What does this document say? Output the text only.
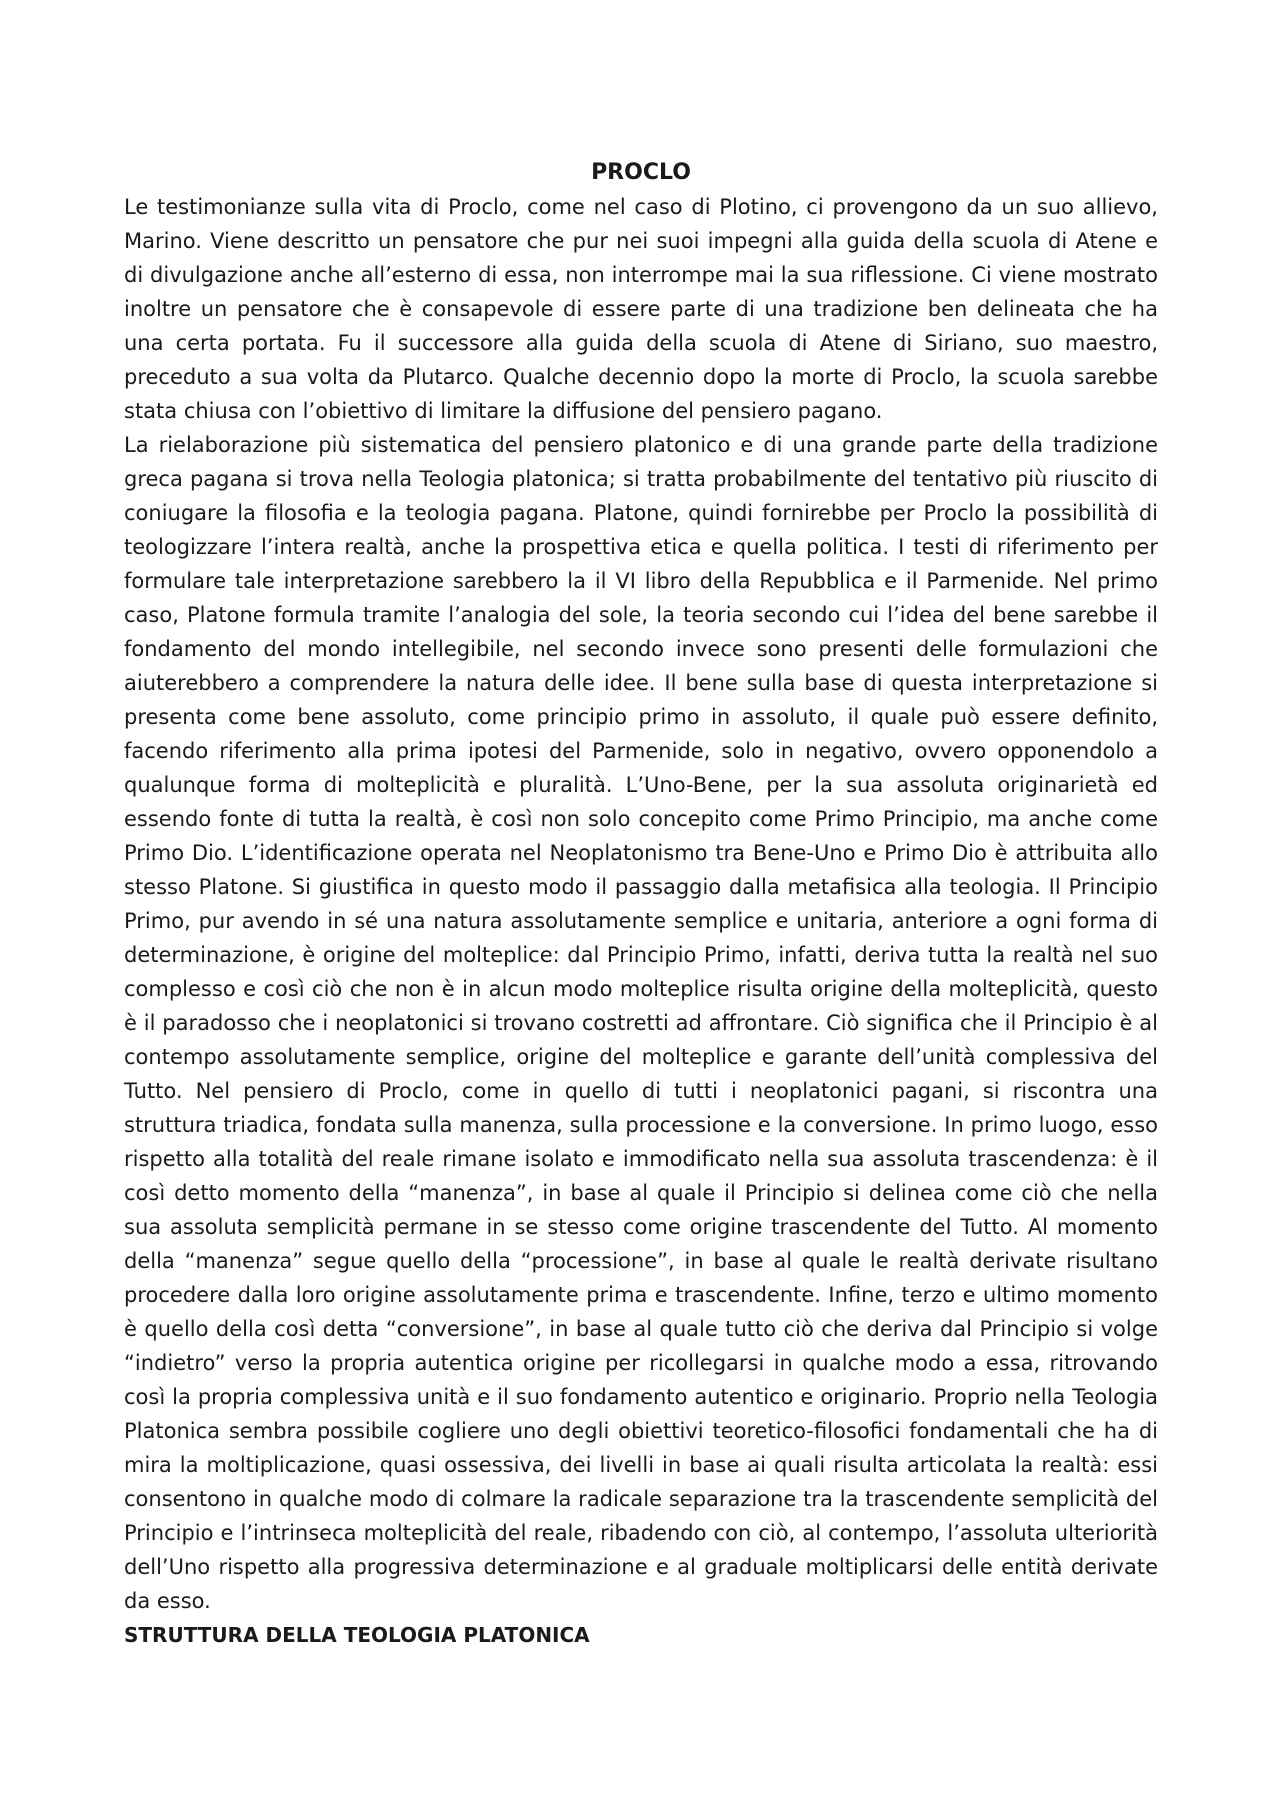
PROCLO

Le testimonianze sulla vita di Proclo, come nel caso di Plotino, ci provengono da un suo allievo, Marino. Viene descritto un pensatore che pur nei suoi impegni alla guida della scuola di Atene e di divulgazione anche all’esterno di essa, non interrompe mai la sua riflessione. Ci viene mostrato inoltre un pensatore che è consapevole di essere parte di una tradizione ben delineata che ha una certa portata. Fu il successore alla guida della scuola di Atene di Siriano, suo maestro, preceduto a sua volta da Plutarco. Qualche decennio dopo la morte di Proclo, la scuola sarebbe stata chiusa con l’obiettivo di limitare la diffusione del pensiero pagano.

La rielaborazione più sistematica del pensiero platonico e di una grande parte della tradizione greca pagana si trova nella Teologia platonica; si tratta probabilmente del tentativo più riuscito di coniugare la filosofia e la teologia pagana. Platone, quindi fornirebbe per Proclo la possibilità di teologizzare l’intera realtà, anche la prospettiva etica e quella politica. I testi di riferimento per formulare tale interpretazione sarebbero la il VI libro della Repubblica e il Parmenide. Nel primo caso, Platone formula tramite l’analogia del sole, la teoria secondo cui l’idea del bene sarebbe il fondamento del mondo intellegibile, nel secondo invece sono presenti delle formulazioni che aiuterebbero a comprendere la natura delle idee. Il bene sulla base di questa interpretazione si presenta come bene assoluto, come principio primo in assoluto, il quale può essere definito, facendo riferimento alla prima ipotesi del Parmenide, solo in negativo, ovvero opponendolo a qualunque forma di molteplicità e pluralità. L’Uno-Bene, per la sua assoluta originarietà ed essendo fonte di tutta la realtà, è così non solo concepito come Primo Principio, ma anche come Primo Dio. L’identificazione operata nel Neoplatonismo tra Bene-Uno e Primo Dio è attribuita allo stesso Platone. Si giustifica in questo modo il passaggio dalla metafisica alla teologia. Il Principio Primo, pur avendo in sé una natura assolutamente semplice e unitaria, anteriore a ogni forma di determinazione, è origine del molteplice: dal Principio Primo, infatti, deriva tutta la realtà nel suo complesso e così ciò che non è in alcun modo molteplice risulta origine della molteplicità, questo è il paradosso che i neoplatonici si trovano costretti ad affrontare. Ciò significa che il Principio è al contempo assolutamente semplice, origine del molteplice e garante dell’unità complessiva del Tutto. Nel pensiero di Proclo, come in quello di tutti i neoplatonici pagani, si riscontra una struttura triadica, fondata sulla manenza, sulla processione e la conversione. In primo luogo, esso rispetto alla totalità del reale rimane isolato e immodificato nella sua assoluta trascendenza: è il così detto momento della “manenza”, in base al quale il Principio si delinea come ciò che nella sua assoluta semplicità permane in se stesso come origine trascendente del Tutto. Al momento della “manenza” segue quello della “processione”, in base al quale le realtà derivate risultano procedere dalla loro origine assolutamente prima e trascendente. Infine, terzo e ultimo momento è quello della così detta “conversione”, in base al quale tutto ciò che deriva dal Principio si volge “indietro” verso la propria autentica origine per ricollegarsi in qualche modo a essa, ritrovando così la propria complessiva unità e il suo fondamento autentico e originario. Proprio nella Teologia Platonica sembra possibile cogliere uno degli obiettivi teoretico-filosofici fondamentali che ha di mira la moltiplicazione, quasi ossessiva, dei livelli in base ai quali risulta articolata la realtà: essi consentono in qualche modo di colmare la radicale separazione tra la trascendente semplicità del Principio e l’intrinseca molteplicità del reale, ribadendo con ciò, al contempo, l’assoluta ulteriorità dell’Uno rispetto alla progressiva determinazione e al graduale moltiplicarsi delle entità derivate da esso.

STRUTTURA DELLA TEOLOGIA PLATONICA
